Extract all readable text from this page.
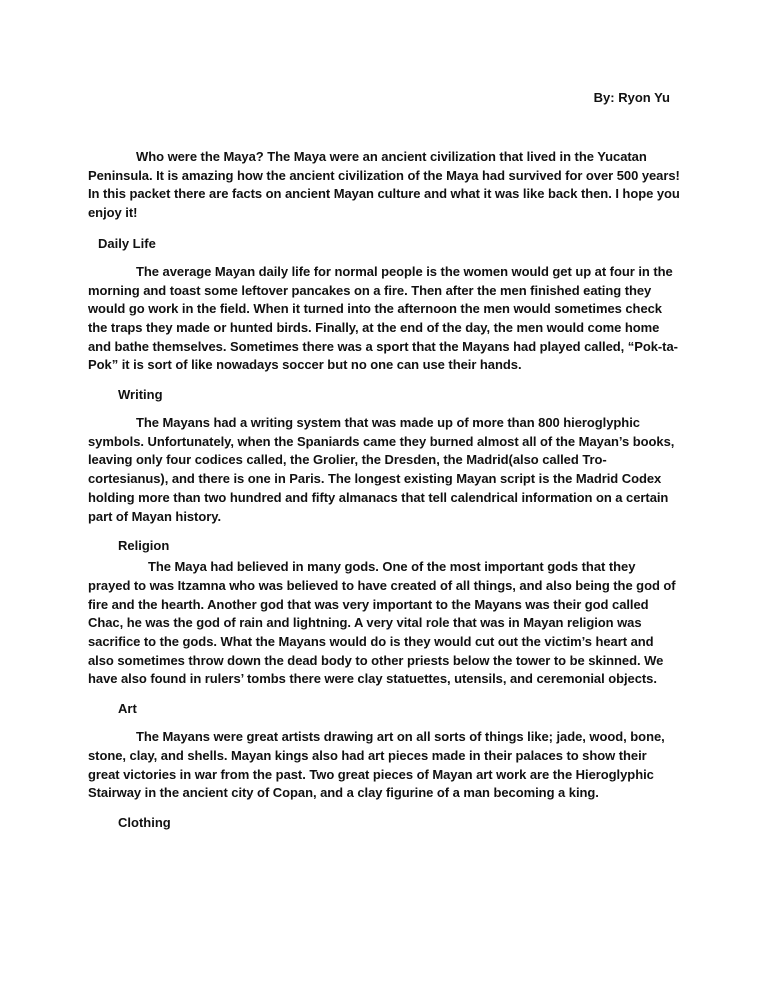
By: Ryon Yu

Who were the Maya? The Maya were an ancient civilization that lived in the Yucatan Peninsula. It is amazing how the ancient civilization of the Maya had survived for over 500 years! In this packet there are facts on ancient Mayan culture and what it was like back then. I hope you enjoy it!

Daily Life

The average Mayan daily life for normal people is the women would get up at four in the morning and toast some leftover pancakes on a fire. Then after the men finished eating they would go work in the field. When it turned into the afternoon the men would sometimes check the traps they made or hunted birds. Finally, at the end of the day, the men would come home and bathe themselves. Sometimes there was a sport that the Mayans had played called, “Pok-ta-Pok” it is sort of like nowadays soccer but no one can use their hands.

Writing

The Mayans had a writing system that was made up of more than 800 hieroglyphic symbols. Unfortunately, when the Spaniards came they burned almost all of the Mayan’s books, leaving only four codices called, the Grolier, the Dresden, the Madrid(also called Tro-cortesianus), and there is one in Paris. The longest existing Mayan script is the Madrid Codex holding more than two hundred and fifty almanacs that tell calendrical information on a certain part of Mayan history.

Religion

The Maya had believed in many gods. One of the most important gods that they prayed to was Itzamna who was believed to have created of all things, and also being the god of fire and the hearth. Another god that was very important to the Mayans was their god called Chac, he was the god of rain and lightning. A very vital role that was in Mayan religion was sacrifice to the gods. What the Mayans would do is they would cut out the victim’s heart and also sometimes throw down the dead body to other priests below the tower to be skinned. We have also found in rulers’ tombs there were clay statuettes, utensils, and ceremonial objects.

Art

The Mayans were great artists drawing art on all sorts of things like; jade, wood, bone, stone, clay, and shells. Mayan kings also had art pieces made in their palaces to show their great victories in war from the past. Two great pieces of Mayan art work are the Hieroglyphic Stairway in the ancient city of Copan, and a clay figurine of a man becoming a king.

Clothing
